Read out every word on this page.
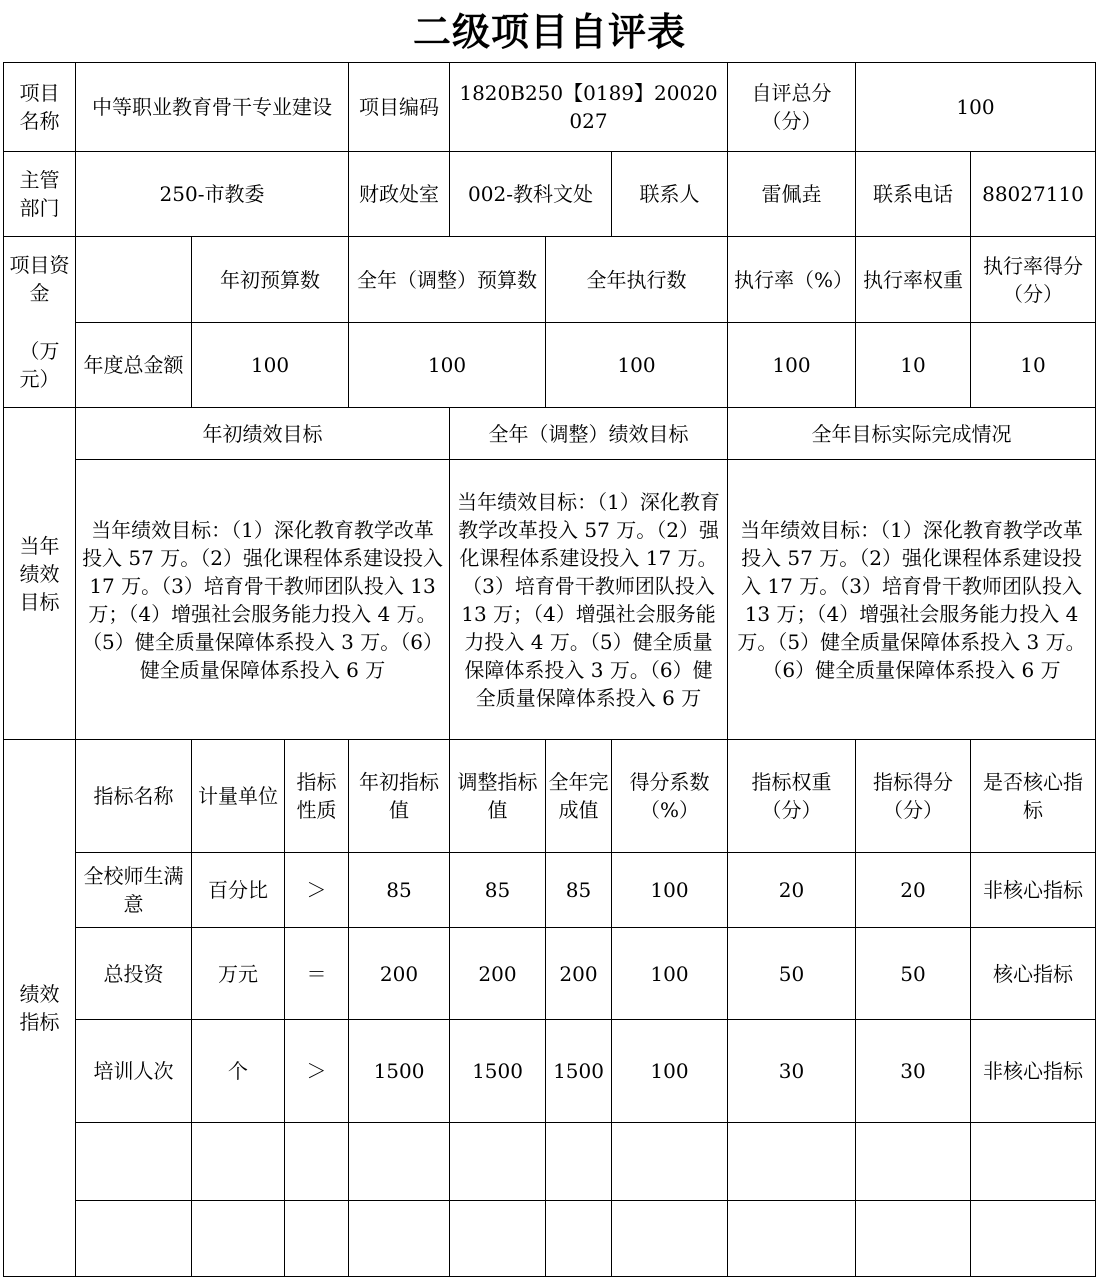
二级项目自评表
项目名称	中等职业教育骨干专业建设			项目编码	1820B250【0189】20020027			自评总分（分）	100	
主管部门	250-市教委			财政处室	002-教科文处		联系人	雷佩垚	联系电话	88027110

项目资金
（万元）		年初预算数		全年（调整）预算数		全年执行数		执行率（%）	执行率权重	执行率得分（分）
	年度总金额	100		100		100		100	10	10
当年绩效目标	年初绩效目标				全年（调整）绩效目标			全年目标实际完成情况		
	当年绩效目标：（1）深化教育教学改革投入 57 万。（2）强化课程体系建设投入 17 万。（3）培育骨干教师团队投入 13 万；（4）增强社会服务能力投入 4 万。（5）健全质量保障体系投入 3 万。（6）健全质量保障体系投入 6 万				当年绩效目标：（1）深化教育教学改革投入 57 万。（2）强化课程体系建设投入 17 万。（3）培育骨干教师团队投入 13 万；（4）增强社会服务能力投入 4 万。（5）健全质量保障体系投入 3 万。（6）健全质量保障体系投入 6 万			当年绩效目标：（1）深化教育教学改革投入 57 万。（2）强化课程体系建设投入 17 万。（3）培育骨干教师团队投入 13 万；（4）增强社会服务能力投入 4 万。（5）健全质量保障体系投入 3 万。（6）健全质量保障体系投入 6 万		
绩效指标	指标名称	计量单位	指标性质	年初指标值	调整指标值	全年完成值	得分系数（%）	指标权重（分）	指标得分（分）	是否核心指标
	全校师生满意	百分比	＞	85	85	85	100	20	20	非核心指标
	总投资	万元	＝	200	200	200	100	50	50	核心指标
	培训人次	个	＞	1500	1500	1500	100	30	30	非核心指标
